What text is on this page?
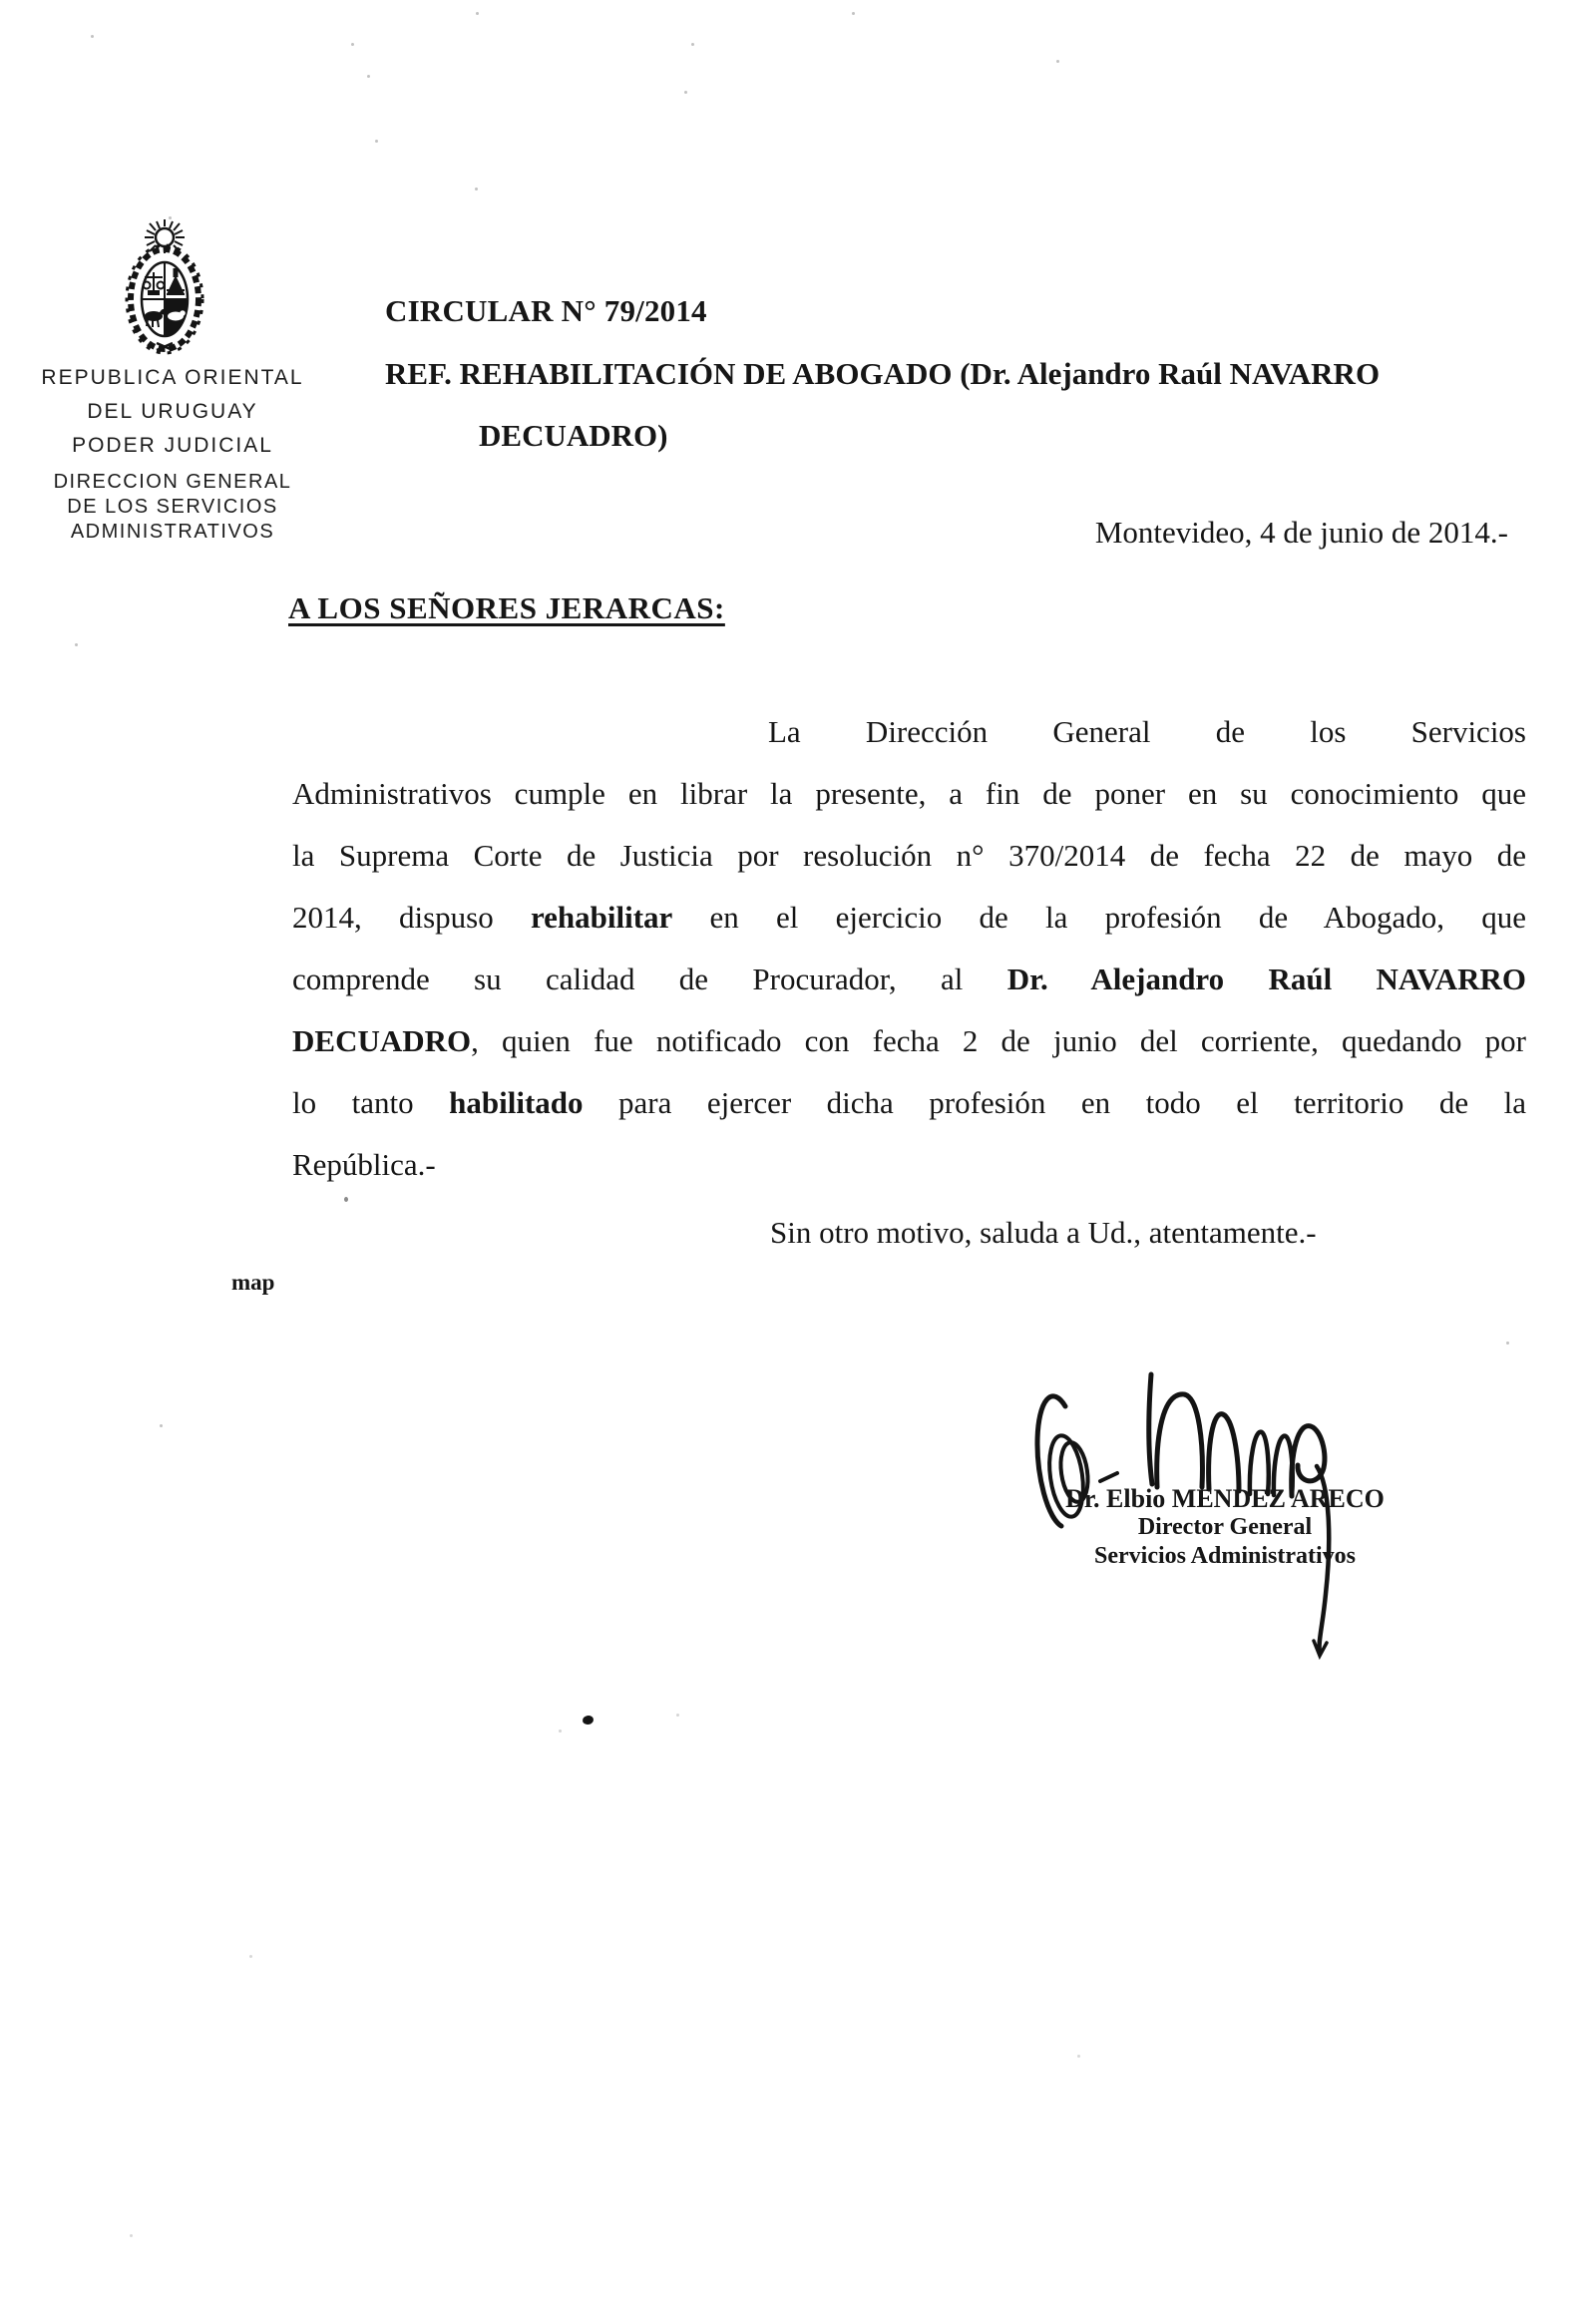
REPUBLICA ORIENTAL
DEL URUGUAY
PODER JUDICIAL
DIRECCION GENERAL
DE LOS SERVICIOS
ADMINISTRATIVOS
CIRCULAR N° 79/2014
REF. REHABILITACIÓN DE ABOGADO (Dr. Alejandro Raúl NAVARRO
DECUADRO)
Montevideo, 4 de junio de 2014.-
A LOS SEÑORES JERARCAS:
La Dirección General de los Servicios
Administrativos cumple en librar la presente, a fin de poner en su conocimiento que
la Suprema Corte de Justicia por resolución n° 370/2014 de fecha 22 de mayo de
2014, dispuso rehabilitar en el ejercicio de la profesión de Abogado, que
comprende su calidad de Procurador, al Dr. Alejandro Raúl NAVARRO
DECUADRO, quien fue notificado con fecha 2 de junio del corriente, quedando por
lo tanto habilitado para ejercer dicha profesión en todo el territorio de la
República.-
Sin otro motivo, saluda a Ud., atentamente.-
map
Dr. Elbio MENDEZ ARECO
Director General
Servicios Administrativos
